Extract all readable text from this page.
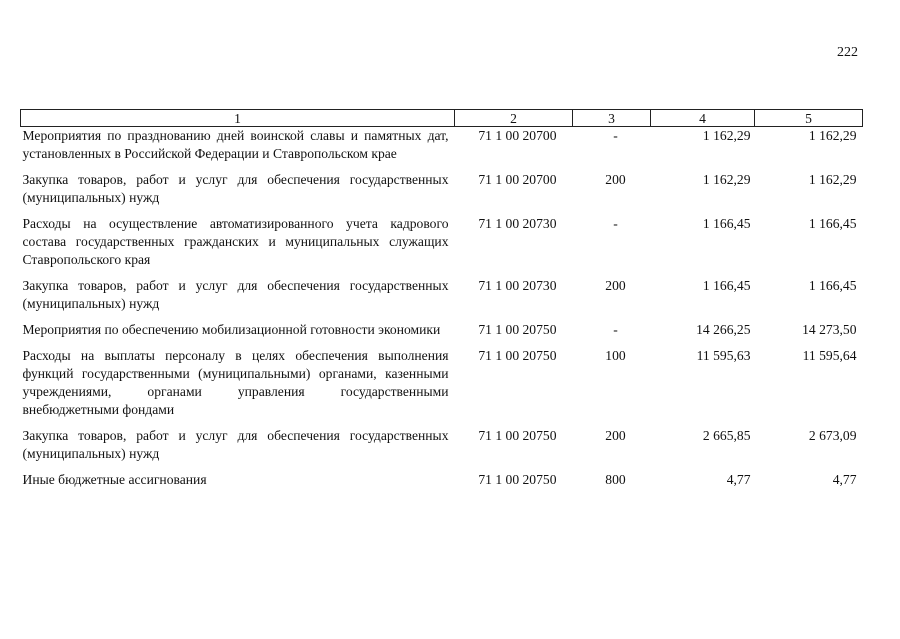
222
1	2	3	4	5
Мероприятия по празднованию дней воинской славы и памятных дат, установленных в Российской Федерации и Ставропольском крае	71 1 00 20700	-	1 162,29	1 162,29

Закупка товаров, работ и услуг для обеспечения государственных (муниципальных) нужд	71 1 00 20700	200	1 162,29	1 162,29

Расходы на осуществление автоматизированного учета кадрового состава государственных гражданских и муниципальных служащих Ставропольского края	71 1 00 20730	-	1 166,45	1 166,45

Закупка товаров, работ и услуг для обеспечения государственных (муниципальных) нужд	71 1 00 20730	200	1 166,45	1 166,45

Мероприятия по обеспечению мобилизационной готовности экономики	71 1 00 20750	-	14 266,25	14 273,50

Расходы на выплаты персоналу в целях обеспечения выполнения функций государственными (муниципальными) органами, казенными учреждениями, органами управления государственными внебюджетными фондами	71 1 00 20750	100	11 595,63	11 595,64

Закупка товаров, работ и услуг для обеспечения государственных (муниципальных) нужд	71 1 00 20750	200	2 665,85	2 673,09

Иные бюджетные ассигнования	71 1 00 20750	800	4,77	4,77
